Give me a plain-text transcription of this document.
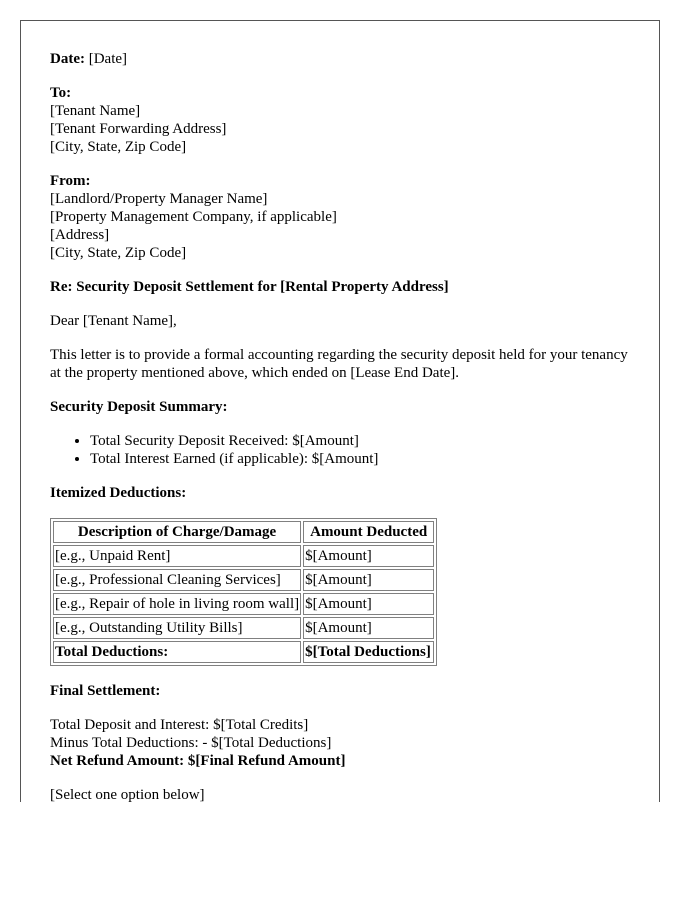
Date: [Date]
To:
[Tenant Name]
[Tenant Forwarding Address]
[City, State, Zip Code]
From:
[Landlord/Property Manager Name]
[Property Management Company, if applicable]
[Address]
[City, State, Zip Code]
Re: Security Deposit Settlement for [Rental Property Address]
Dear [Tenant Name],
This letter is to provide a formal accounting regarding the security deposit held for your tenancy at the property mentioned above, which ended on [Lease End Date].
Security Deposit Summary:
• Total Security Deposit Received: $[Amount]
• Total Interest Earned (if applicable): $[Amount]
Itemized Deductions:
Description of Charge/Damage	Amount Deducted
[e.g., Unpaid Rent]	$[Amount]
[e.g., Professional Cleaning Services]	$[Amount]
[e.g., Repair of hole in living room wall]	$[Amount]
[e.g., Outstanding Utility Bills]	$[Amount]
Total Deductions:	$[Total Deductions]
Final Settlement:
Total Deposit and Interest: $[Total Credits]
Minus Total Deductions: - $[Total Deductions]
Net Refund Amount: $[Final Refund Amount]
[Select one option below]
